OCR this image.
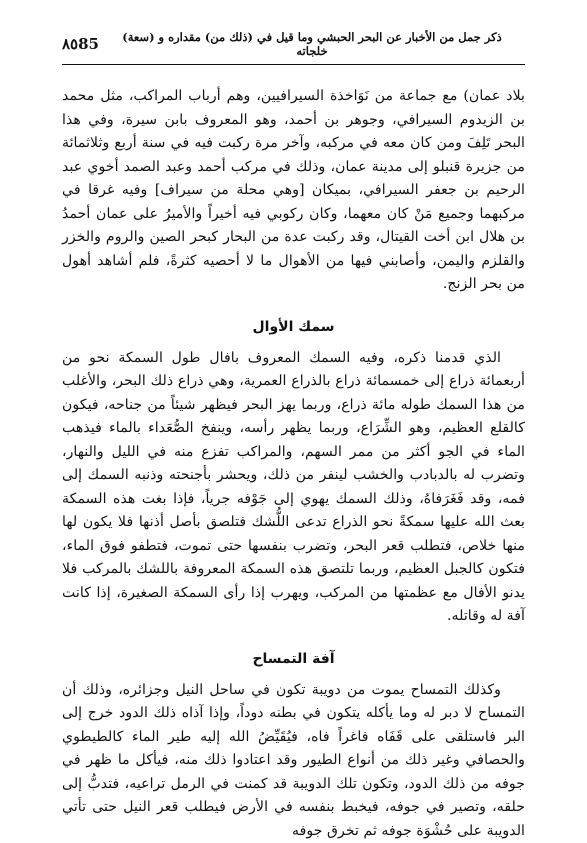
85	ذكر جمل من الأخبار عن البحر الحبشي وما قيل في (ذلك من) مقداره و (سعة) خلجاته
٨٥

بلاد عمان) مع جماعة من نَوَاخذة السيرافيين، وهم أرباب المراكب، مثل محمد بن الزيدوم السيرافي، وجوهر بن أحمد، وهو المعروف بابن سيرة، وفي هذا البحر تَلِفَ ومن كان معه في مركبه، وآخر مرة ركبت فيه في سنة أربع وثلاثمائة من جزيرة قنبلو إلى مدينة عمان، وذلك في مركب أحمد وعبد الصمد أخوي عبد الرحيم بن جعفر السيرافي، بميكان [وهي محلة من سيراف] وفيه غرقا في مركبهما وجميع مَنْ كان معهما، وكان ركوبي فيه أخيراً والأميرُ على عمان أحمدُ بن هلال ابن أخت القيتال، وقد ركبت عدة من البحار كبحر الصين والروم والخزر والقلزم واليمن، وأصابني فيها من الأهوال ما لا أحصيه كثرةً، فلم أشاهد أهول من بحر الزنج.

سمك الأوال

الذي قدمنا ذكره، وفيه السمك المعروف بافال طول السمكة نحو من أربعمائة ذراع إلى خمسمائة ذراع بالذراع العمرية، وهي ذراع ذلك البحر، والأغلب من هذا السمك طوله مائة ذراع، وربما يهز البحر فيظهر شيئاً من جناحه، فيكون كالقلع العظيم، وهو الشِّرَاع، وربما يظهر رأسه، وينفخ الصُّعَداء بالماء فيذهب الماء في الجو أكثر من ممر السهم، والمراكب تفزع منه في الليل والنهار، وتضرب له بالدبادب والخشب لينفر من ذلك، ويحشر بأجنحته وذنبه السمك إلى فمه، وقد فَغَرَفاهُ، وذلك السمك يهوي إلى جَوْفه جرياً، فإذا بغت هذه السمكة بعث الله عليها سمكةً نحو الذراع تدعى اللُّشك فتلصق بأصل أذنها فلا يكون لها منها خلاص، فتطلب قعر البحر، وتضرب بنفسها حتى تموت، فتطفو فوق الماء، فتكون كالجبل العظيم، وربما تلتصق هذه السمكة المعروفة باللشك بالمركب فلا يدنو الأفال مع عظمتها من المركب، ويهرب إذا رأى السمكة الصغيرة، إذا كانت آفة له وقاتله.

آفة التمساح

وكذلك التمساح يموت من دويبة تكون في ساحل النيل وجزائره، وذلك أن التمساح لا دبر له وما يأكله يتكون في بطنه دوداً، وإذا آذاه ذلك الدود خرج إلى البر فاستلقى على قَفَاه فاغراً فاه، فيُقَيِّضُ الله إليه طير الماء كالطيطوي والحصافي وغير ذلك من أنواع الطيور وقد اعتادوا ذلك منه، فيأكل ما ظهر في جوفه من ذلك الدود، وتكون تلك الدويبة قد كمنت في الرمل تراعيه، فتدبُّ إلى حلقه، وتصير في جوفه، فيخبط بنفسه في الأرض فيطلب قعر النيل حتى تأتي الدويبة على حُشْوَة جوفه ثم تخرق جوفه
